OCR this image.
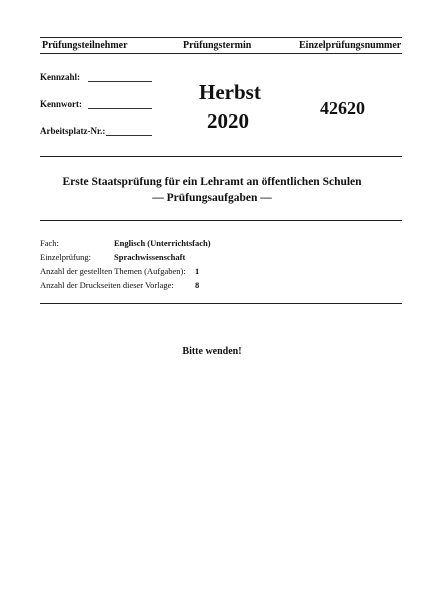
Prüfungsteilnehmer	Prüfungstermin	Einzelprüfungsnummer
Kennzahl:
Kennwort:
Arbeitsplatz-Nr.:
Herbst
2020
42620
Erste Staatsprüfung für ein Lehramt an öffentlichen Schulen
— Prüfungsaufgaben —
Fach:	Englisch (Unterrichtsfach)
Einzelprüfung:	Sprachwissenschaft
Anzahl der gestellten Themen (Aufgaben): 1
Anzahl der Druckseiten dieser Vorlage: 8
Bitte wenden!
